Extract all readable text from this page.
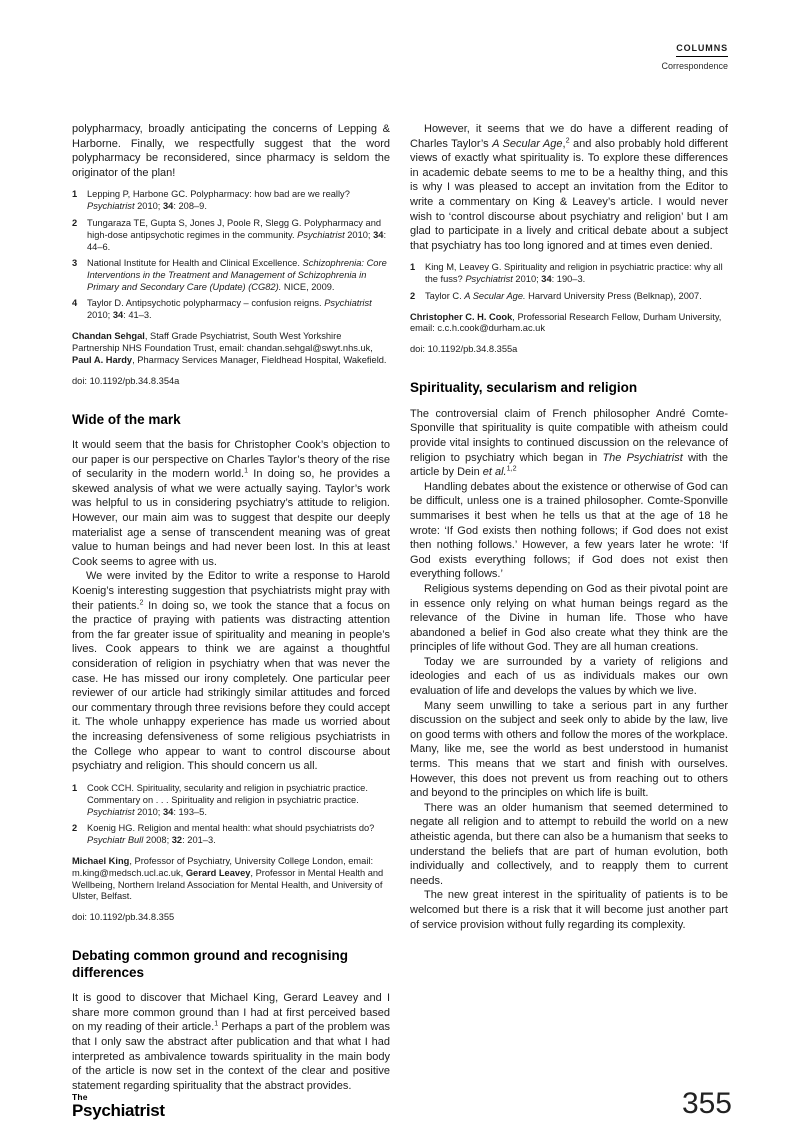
COLUMNS
Correspondence

polypharmacy, broadly anticipating the concerns of Lepping & Harborne. Finally, we respectfully suggest that the word polypharmacy be reconsidered, since pharmacy is seldom the originator of the plan!

1	Lepping P, Harbone GC. Polypharmacy: how bad are we really? Psychiatrist 2010; 34: 208–9.
2	Tungaraza TE, Gupta S, Jones J, Poole R, Slegg G. Polypharmacy and high-dose antipsychotic regimes in the community. Psychiatrist 2010; 34: 44–6.
3	National Institute for Health and Clinical Excellence. Schizophrenia: Core Interventions in the Treatment and Management of Schizophrenia in Primary and Secondary Care (Update) (CG82). NICE, 2009.
4	Taylor D. Antipsychotic polypharmacy – confusion reigns. Psychiatrist 2010; 34: 41–3.

Chandan Sehgal, Staff Grade Psychiatrist, South West Yorkshire Partnership NHS Foundation Trust, email: chandan.sehgal@swyt.nhs.uk, Paul A. Hardy, Pharmacy Services Manager, Fieldhead Hospital, Wakefield.

doi: 10.1192/pb.34.8.354a

Wide of the mark

It would seem that the basis for Christopher Cook’s objection to our paper is our perspective on Charles Taylor’s theory of the rise of secularity in the modern world.$^1$ In doing so, he provides a skewed analysis of what we were actually saying. Taylor’s work was helpful to us in considering psychiatry’s attitude to religion. However, our main aim was to suggest that despite our deeply materialist age a sense of transcendent meaning was of great value to human beings and had never been lost. In this at least Cook seems to agree with us.

We were invited by the Editor to write a response to Harold Koenig’s interesting suggestion that psychiatrists might pray with their patients.$^2$ In doing so, we took the stance that a focus on the practice of praying with patients was distracting attention from the far greater issue of spirituality and meaning in people’s lives. Cook appears to think we are against a thoughtful consideration of religion in psychiatry when that was never the case. He has missed our irony completely. One particular peer reviewer of our article had strikingly similar attitudes and forced our commentary through three revisions before they could accept it. The whole unhappy experience has made us worried about the increasing defensiveness of some religious psychiatrists in the College who appear to want to control discourse about psychiatry and religion. This should concern us all.

1	Cook CCH. Spirituality, secularity and religion in psychiatric practice. Commentary on . . . Spirituality and religion in psychiatric practice. Psychiatrist 2010; 34: 193–5.
2	Koenig HG. Religion and mental health: what should psychiatrists do? Psychiatr Bull 2008; 32: 201–3.

Michael King, Professor of Psychiatry, University College London, email: m.king@medsch.ucl.ac.uk, Gerard Leavey, Professor in Mental Health and Wellbeing, Northern Ireland Association for Mental Health, and University of Ulster, Belfast.

doi: 10.1192/pb.34.8.355

Debating common ground and recognising differences

It is good to discover that Michael King, Gerard Leavey and I share more common ground than I had at first perceived based on my reading of their article.$^1$ Perhaps a part of the problem was that I only saw the abstract after publication and that what I had interpreted as ambivalence towards spirituality in the main body of the article is now set in the context of the clear and positive statement regarding spirituality that the abstract provides.

However, it seems that we do have a different reading of Charles Taylor’s A Secular Age,$^2$ and also probably hold different views of exactly what spirituality is. To explore these differences in academic debate seems to me to be a healthy thing, and this is why I was pleased to accept an invitation from the Editor to write a commentary on King & Leavey’s article. I would never wish to ‘control discourse about psychiatry and religion’ but I am glad to participate in a lively and critical debate about a subject that psychiatry has too long ignored and at times even denied.

1	King M, Leavey G. Spirituality and religion in psychiatric practice: why all the fuss? Psychiatrist 2010; 34: 190–3.
2	Taylor C. A Secular Age. Harvard University Press (Belknap), 2007.

Christopher C. H. Cook, Professorial Research Fellow, Durham University, email: c.c.h.cook@durham.ac.uk

doi: 10.1192/pb.34.8.355a

Spirituality, secularism and religion

The controversial claim of French philosopher André Comte-Sponville that spirituality is quite compatible with atheism could provide vital insights to continued discussion on the relevance of religion to psychiatry which began in The Psychiatrist with the article by Dein et al.$^{1,2}$

Handling debates about the existence or otherwise of God can be difficult, unless one is a trained philosopher. Comte-Sponville summarises it best when he tells us that at the age of 18 he wrote: ‘If God exists then nothing follows; if God does not exist then nothing follows.’ However, a few years later he wrote: ‘If God exists everything follows; if God does not exist then everything follows.’

Religious systems depending on God as their pivotal point are in essence only relying on what human beings regard as the relevance of the Divine in human life. Those who have abandoned a belief in God also create what they think are the principles of life without God. They are all human creations.

Today we are surrounded by a variety of religions and ideologies and each of us as individuals makes our own evaluation of life and develops the values by which we live.

Many seem unwilling to take a serious part in any further discussion on the subject and seek only to abide by the law, live on good terms with others and follow the mores of the workplace. Many, like me, see the world as best understood in humanist terms. This means that we start and finish with ourselves. However, this does not prevent us from reaching out to others and beyond to the principles on which life is built.

There was an older humanism that seemed determined to negate all religion and to attempt to rebuild the world on a new atheistic agenda, but there can also be a humanism that seeks to understand the beliefs that are part of human evolution, both individually and collectively, and to reapply them to current needs.

The new great interest in the spirituality of patients is to be welcomed but there is a risk that it will become just another part of service provision without fully regarding its complexity.

The
Psychiatrist	355
